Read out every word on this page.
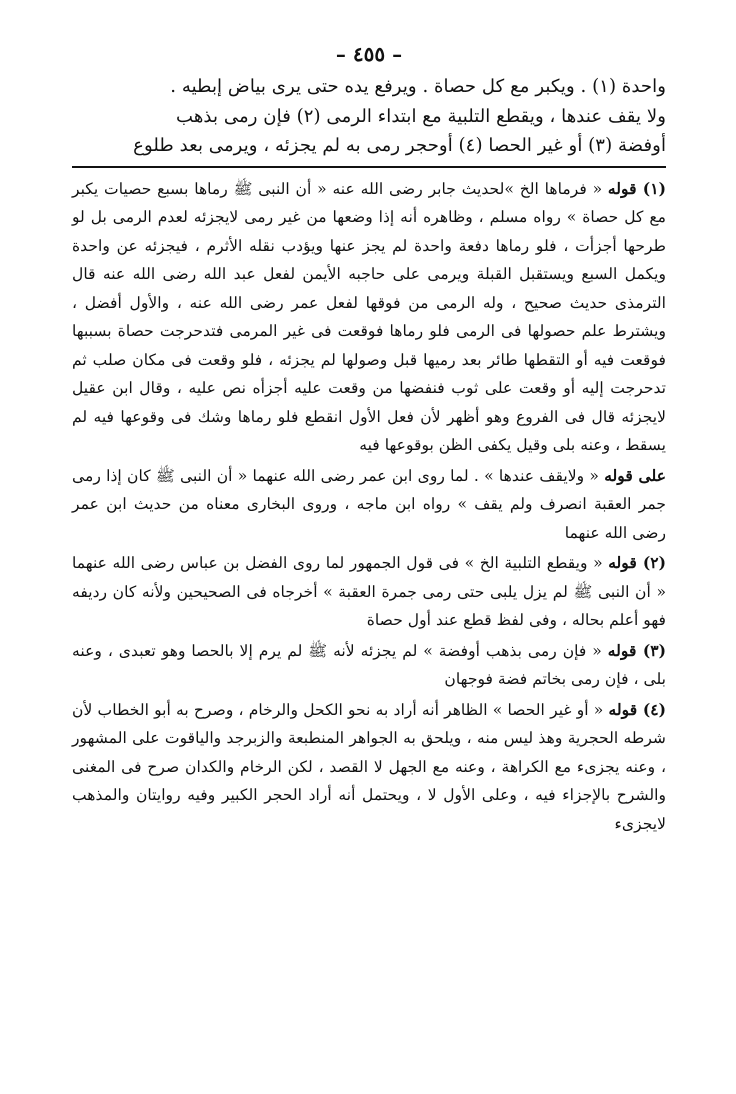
– ٤٥٥ –

واحدة (١) . ويكبر مع كل حصاة . ويرفع يده حتى يرى بياض إبطيه .

ولا يقف عندها ، ويقطع التلبية مع ابتداء الرمى (٢) فإن رمى بذهب

أوفضة (٣) أو غير الحصا (٤) أوحجر رمى به لم يجزئه ، ويرمى بعد طلوع

(١) قوله « فرماها الخ »لحديث جابر رضى الله عنه « أن النبى ﷺ رماها بسبع حصيات يكبر مع كل حصاة » رواه مسلم ، وظاهره أنه إذا وضعها من غير رمى لايجزئه لعدم الرمى بل لو طرحها أجزأت ، فلو رماها دفعة واحدة لم يجز عنها ويؤدب نقله الأثرم ، فيجزئه عن واحدة ويكمل السبع ويستقبل القبلة ويرمى على حاجبه الأيمن لفعل عبد الله رضى الله عنه قال الترمذى حديث صحيح ، وله الرمى من فوقها لفعل عمر رضى الله عنه ، والأول أفضل ، ويشترط علم حصولها فى الرمى فلو رماها فوقعت فى غير المرمى فتدحرجت حصاة بسببها فوقعت فيه أو التقطها طائر بعد رميها قبل وصولها لم يجزئه ، فلو وقعت فى مكان صلب ثم تدحرجت إليه أو وقعت على ثوب فنفضها من وقعت عليه أجزأه نص عليه ، وقال ابن عقيل لايجزئه قال فى الفروع وهو أظهر لأن فعل الأول انقطع فلو رماها وشك فى وقوعها فيه لم يسقط ، وعنه بلى وقيل يكفى الظن بوقوعها فيه

على قوله « ولايقف عندها » . لما روى ابن عمر رضى الله عنهما « أن النبى ﷺ كان إذا رمى جمر العقبة انصرف ولم يقف » رواه ابن ماجه ، وروى البخارى معناه من حديث ابن عمر رضى الله عنهما

(٢) قوله « ويقطع التلبية الخ » فى قول الجمهور لما روى الفضل بن عباس رضى الله عنهما « أن النبى ﷺ لم يزل يلبى حتى رمى جمرة العقبة » أخرجاه فى الصحيحين ولأنه كان رديفه فهو أعلم بحاله ، وفى لفظ قطع عند أول حصاة

(٣) قوله « فإن رمى بذهب أوفضة » لم يجزئه لأنه ﷺ لم يرم إلا بالحصا وهو تعبدى ، وعنه بلى ، فإن رمى بخاتم فضة فوجهان

(٤) قوله « أو غير الحصا » الظاهر أنه أراد به نحو الكحل والرخام ، وصرح به أبو الخطاب لأن شرطه الحجرية وهذ ليس منه ، ويلحق به الجواهر المنطبعة والزبرجد والياقوت على المشهور ، وعنه يجزىء مع الكراهة ، وعنه مع الجهل لا القصد ، لكن الرخام والكدان صرح فى المغنى والشرح بالإجزاء فيه ، وعلى الأول لا ، ويحتمل أنه أراد الحجر الكبير وفيه روايتان والمذهب لايجزىء
